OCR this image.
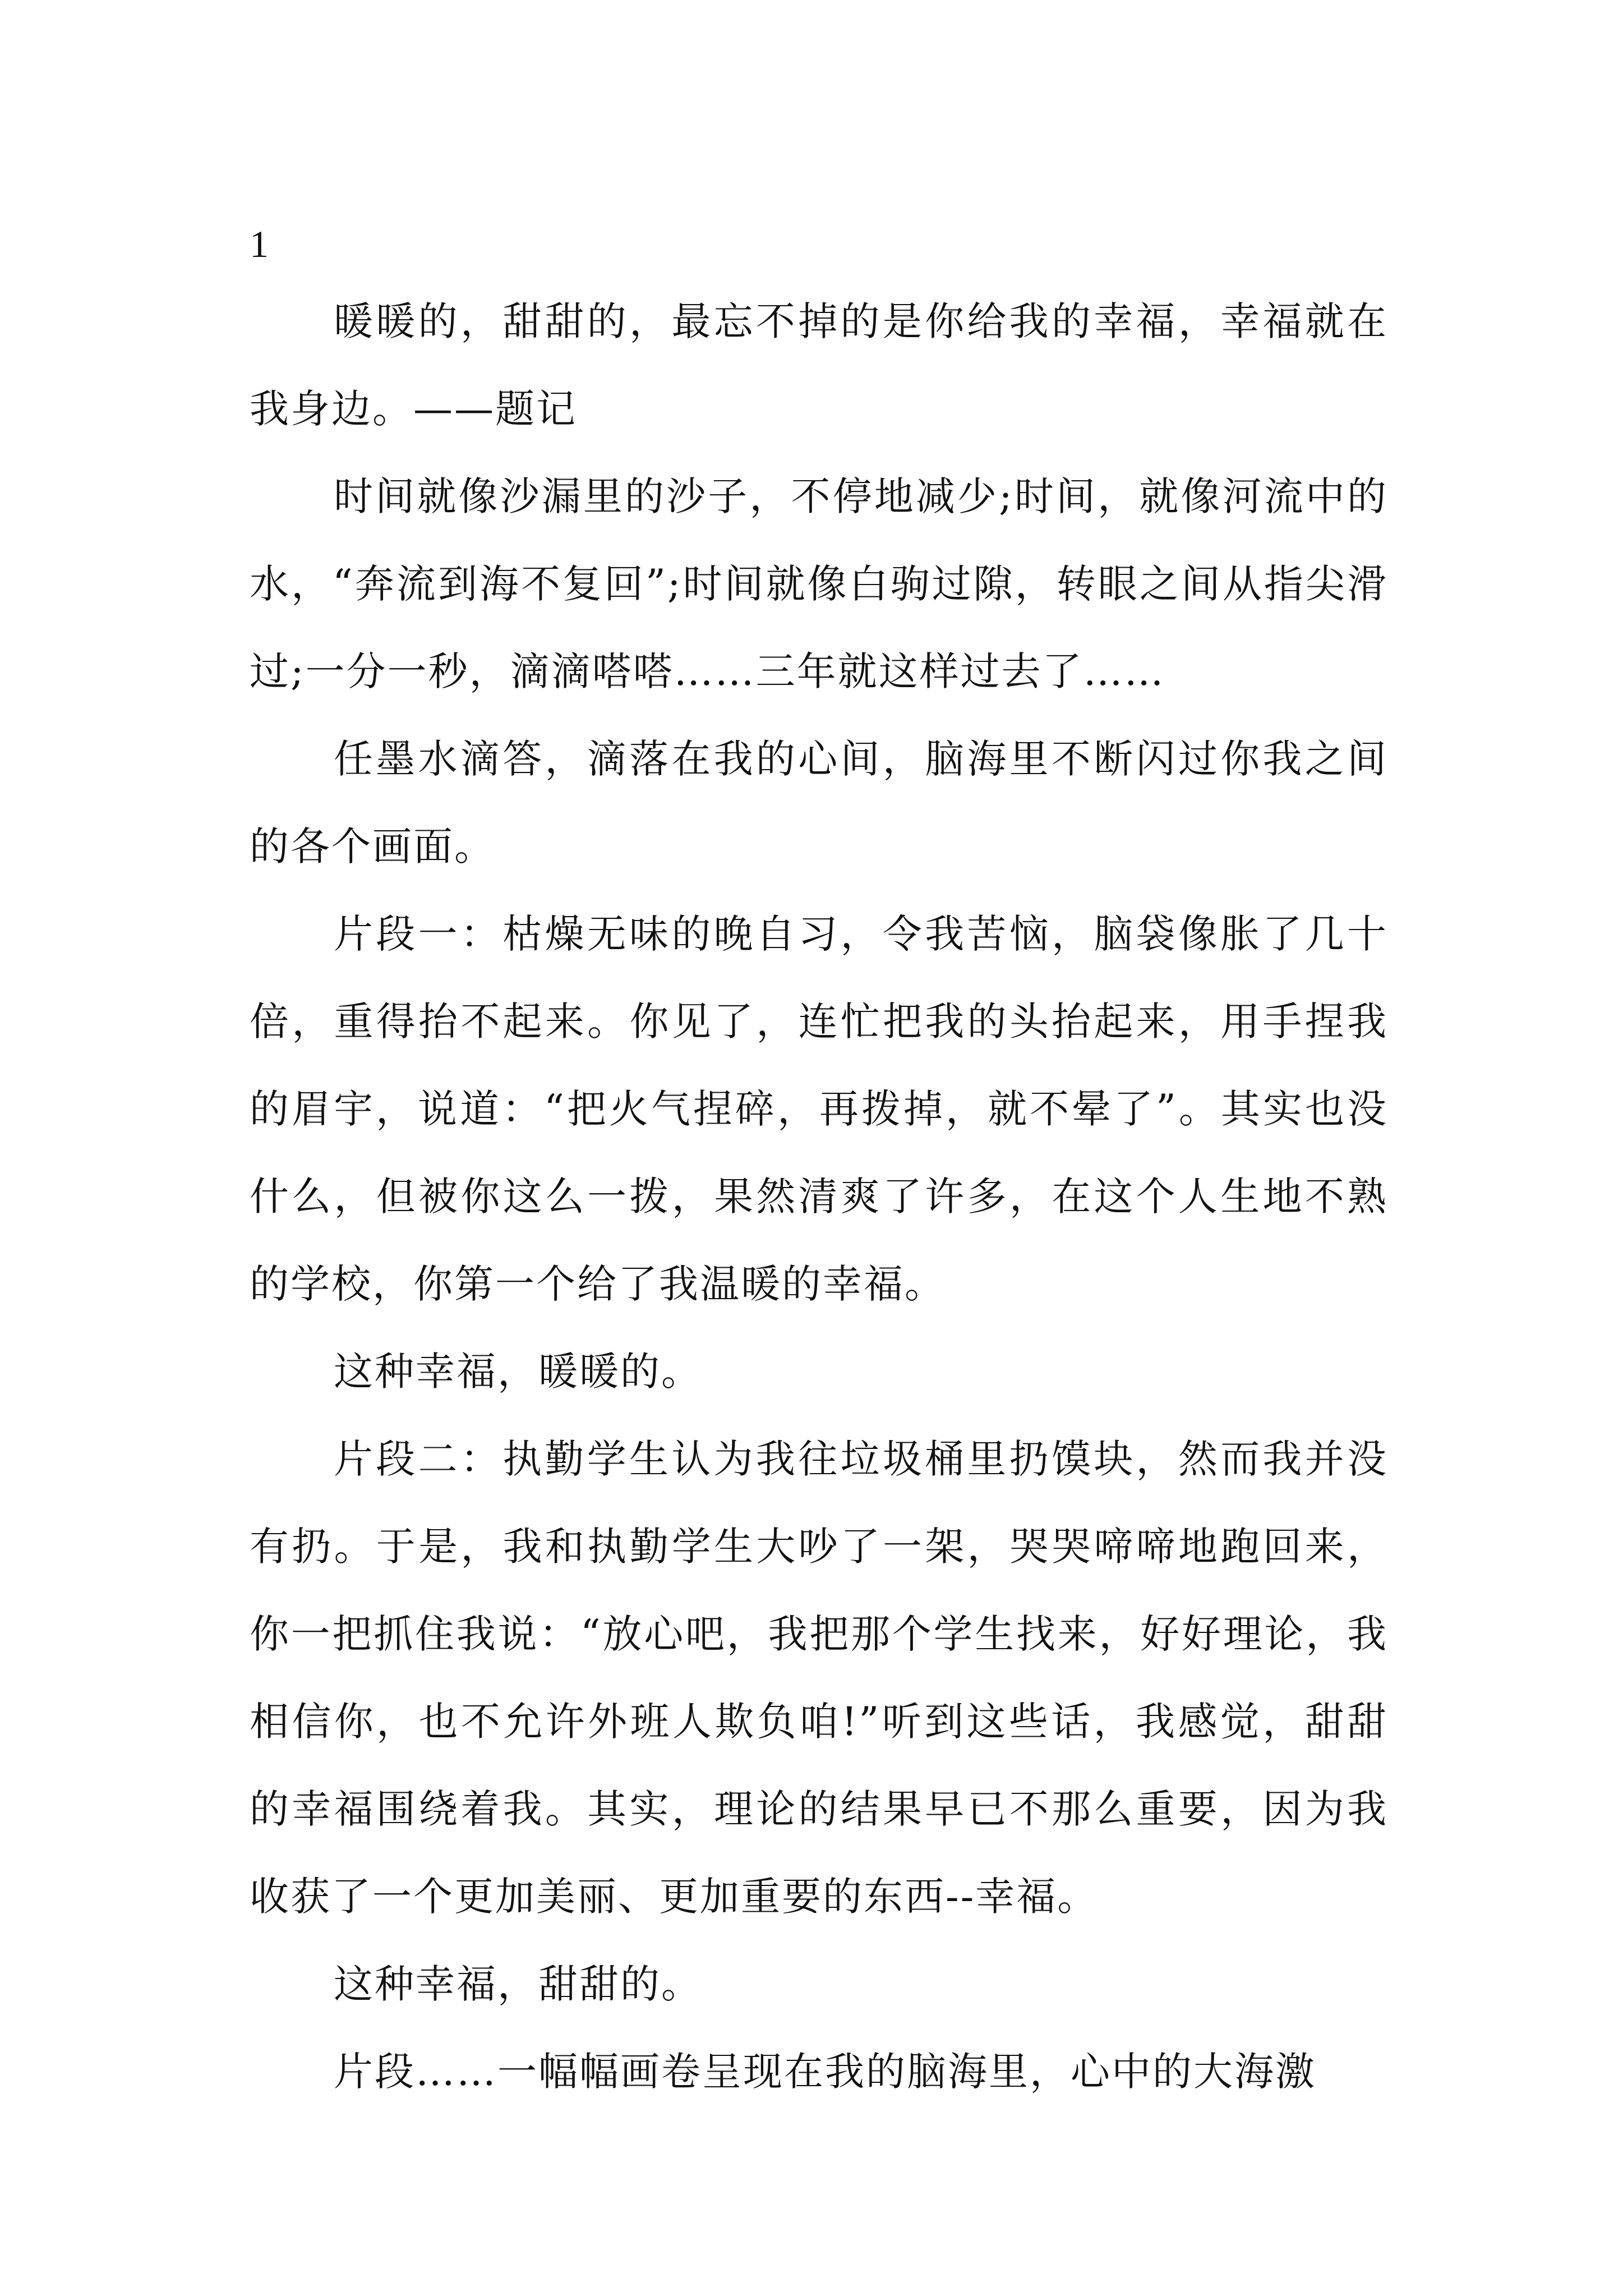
1

暖暖的，甜甜的，最忘不掉的是你给我的幸福，幸福就在我身边。——题记

时间就像沙漏里的沙子，不停地减少;时间，就像河流中的水，“奔流到海不复回”;时间就像白驹过隙，转眼之间从指尖滑过;一分一秒，滴滴嗒嗒……三年就这样过去了……

任墨水滴答，滴落在我的心间，脑海里不断闪过你我之间的各个画面。

片段一：枯燥无味的晚自习，令我苦恼，脑袋像胀了几十倍，重得抬不起来。你见了，连忙把我的头抬起来，用手捏我的眉宇，说道：“把火气捏碎，再拨掉，就不晕了”。其实也没什么，但被你这么一拨，果然清爽了许多，在这个人生地不熟的学校，你第一个给了我温暖的幸福。

这种幸福，暖暖的。

片段二：执勤学生认为我往垃圾桶里扔馍块，然而我并没有扔。于是，我和执勤学生大吵了一架，哭哭啼啼地跑回来，你一把抓住我说：“放心吧，我把那个学生找来，好好理论，我相信你，也不允许外班人欺负咱!”听到这些话，我感觉，甜甜的幸福围绕着我。其实，理论的结果早已不那么重要，因为我收获了一个更加美丽、更加重要的东西--幸福。

这种幸福，甜甜的。

片段……一幅幅画卷呈现在我的脑海里，心中的大海激
